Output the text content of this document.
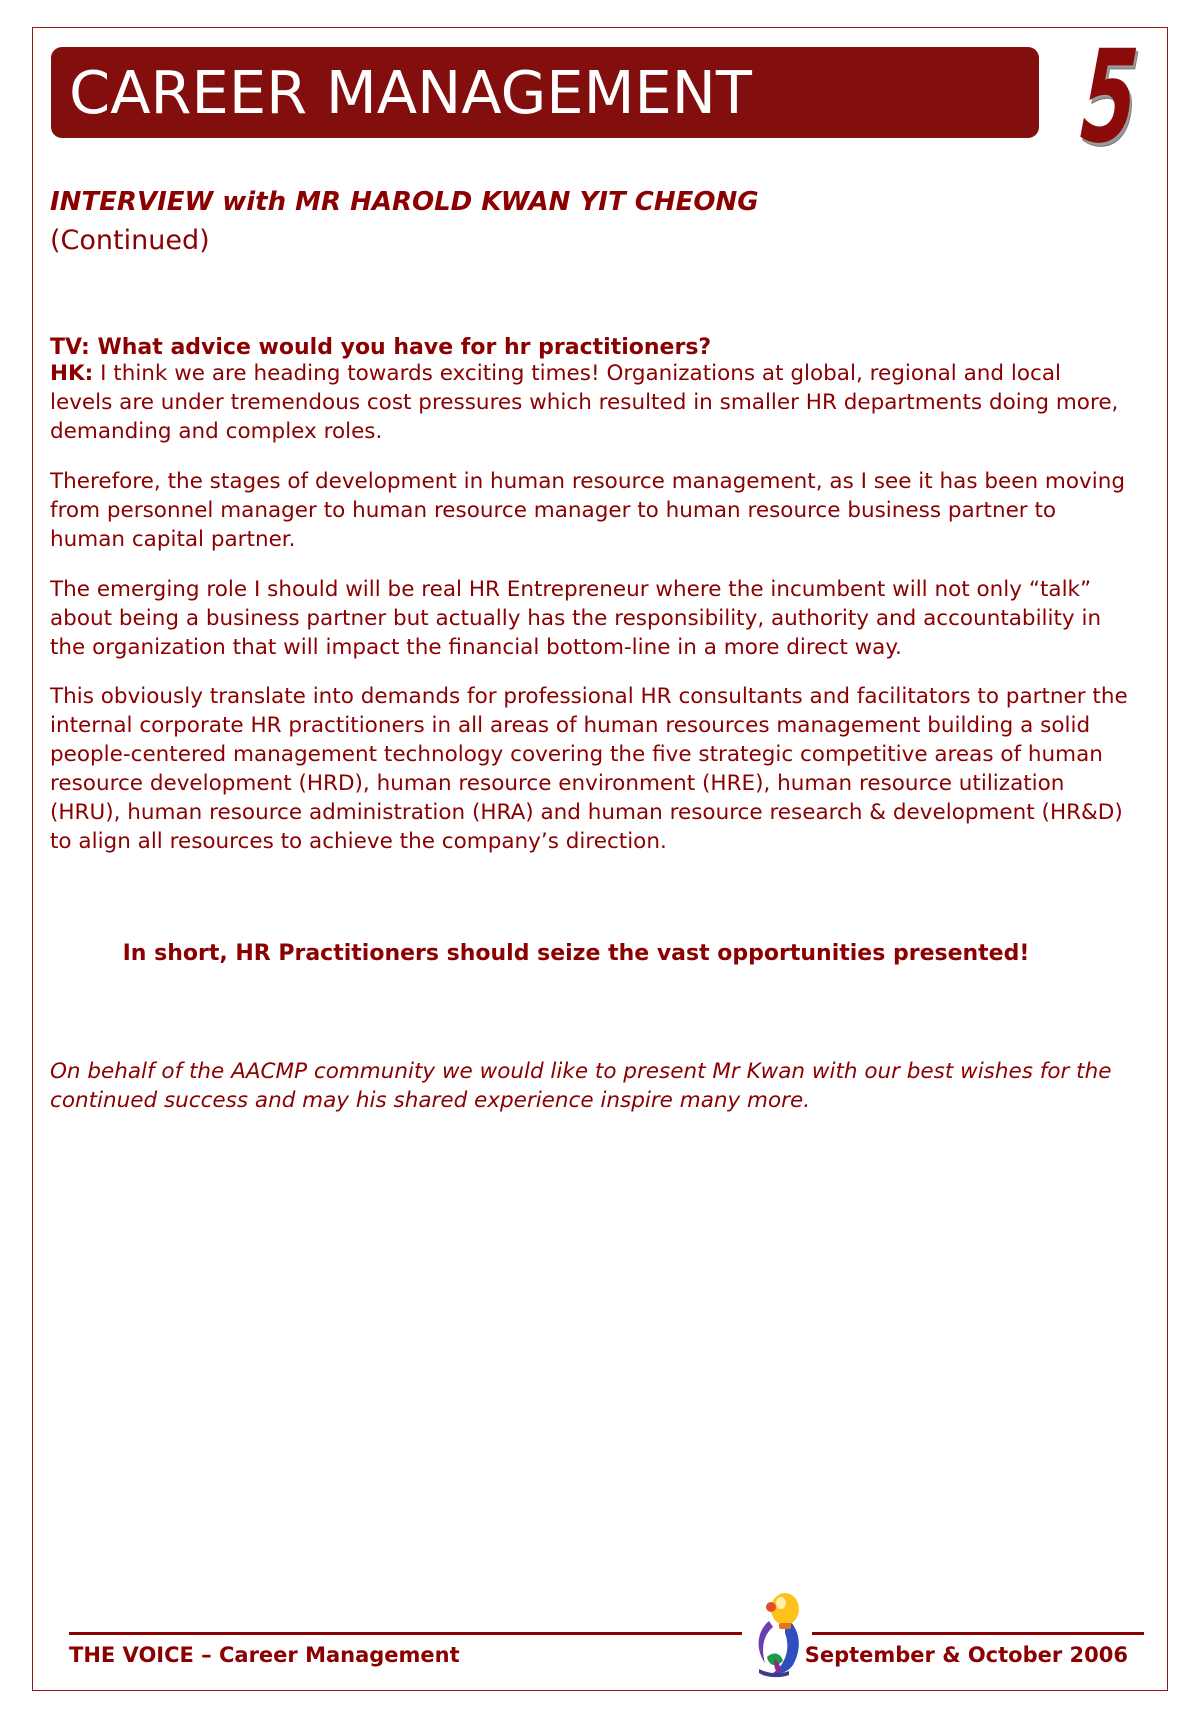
CAREER MANAGEMENT	5
INTERVIEW with MR HAROLD KWAN YIT CHEONG
(Continued)
TV: What advice would you have for hr practitioners?
HK: I think we are heading towards exciting times! Organizations at global, regional and local levels are under tremendous cost pressures which resulted in smaller HR departments doing more, demanding and complex roles.
Therefore, the stages of development in human resource management, as I see it has been moving from personnel manager to human resource manager to human resource business partner to human capital partner.
The emerging role I should will be real HR Entrepreneur where the incumbent will not only “talk” about being a business partner but actually has the responsibility, authority and accountability in the organization that will impact the financial bottom-line in a more direct way.
This obviously translate into demands for professional HR consultants and facilitators to partner the internal corporate HR practitioners in all areas of human resources management building a solid people-centered management technology covering the five strategic competitive areas of human resource development (HRD), human resource environment (HRE), human resource utilization (HRU), human resource administration (HRA) and human resource research & development (HR&D) to align all resources to achieve the company’s direction.
In short, HR Practitioners should seize the vast opportunities presented!
On behalf of the AACMP community we would like to present Mr Kwan with our best wishes for the continued success and may his shared experience inspire many more.
THE VOICE – Career Management	September & October 2006
